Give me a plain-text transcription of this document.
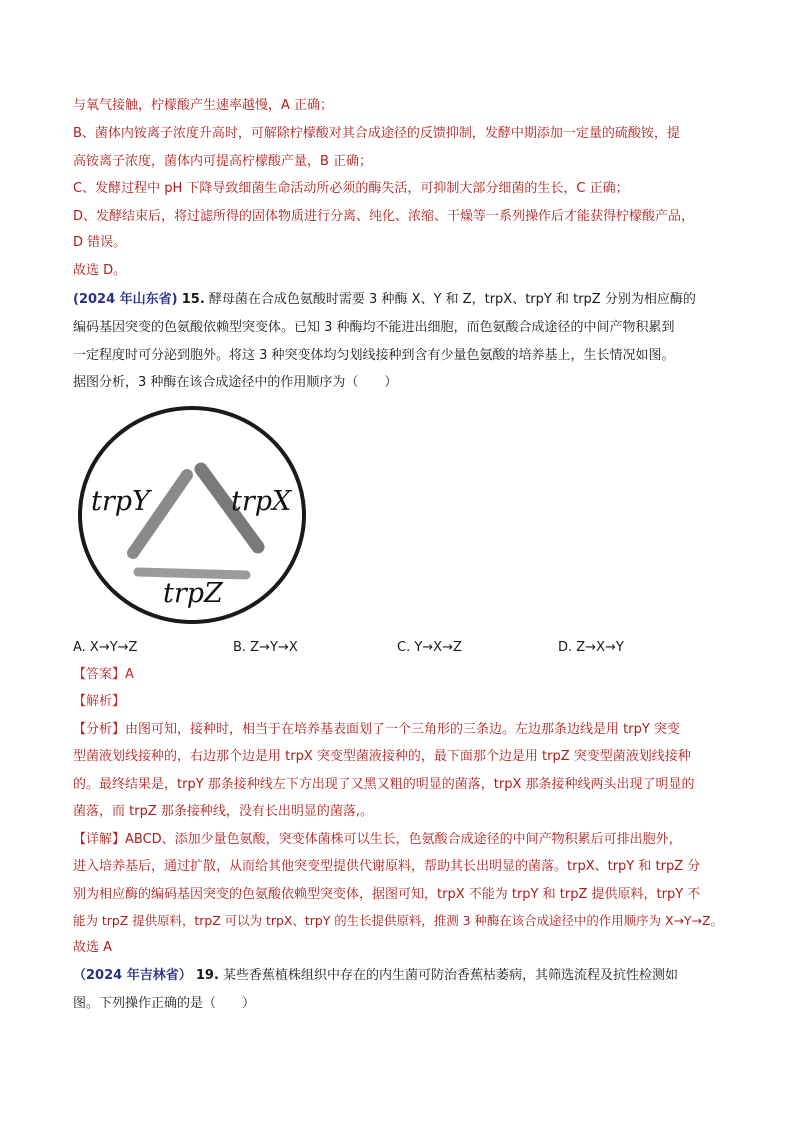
与氧气接触，柠檬酸产生速率越慢，A 正确；
B、菌体内铵离子浓度升高时，可解除柠檬酸对其合成途径的反馈抑制，发酵中期添加一定量的硫酸铵，提
高铵离子浓度，菌体内可提高柠檬酸产量，B 正确；
C、发酵过程中 pH 下降导致细菌生命活动所必须的酶失活，可抑制大部分细菌的生长，C 正确；
D、发酵结束后，将过滤所得的固体物质进行分离、纯化、浓缩、干燥等一系列操作后才能获得柠檬酸产品，
D 错误。
故选 D。
(2024 年山东省) 15. 酵母菌在合成色氨酸时需要 3 种酶 X、Y 和 Z，trpX、trpY 和 trpZ 分别为相应酶的
编码基因突变的色氨酸依赖型突变体。已知 3 种酶均不能进出细胞，而色氨酸合成途径的中间产物积累到
一定程度时可分泌到胞外。将这 3 种突变体均匀划线接种到含有少量色氨酸的培养基上，生长情况如图。
据图分析，3 种酶在该合成途径中的作用顺序为（　　）
trpY	trpX
trpZ
A. X→Y→Z	B. Z→Y→X	C. Y→X→Z	D. Z→X→Y
【答案】A
【解析】
【分析】由图可知，接种时，相当于在培养基表面划了一个三角形的三条边。左边那条边线是用 trpY 突变
型菌液划线接种的，右边那个边是用 trpX 突变型菌液接种的，最下面那个边是用 trpZ 突变型菌液划线接种
的。最终结果是，trpY 那条接种线左下方出现了又黑又粗的明显的菌落，trpX 那条接种线两头出现了明显的
菌落，而 trpZ 那条接种线，没有长出明显的菌落,。
【详解】ABCD、添加少量色氨酸，突变体菌株可以生长，色氨酸合成途径的中间产物积累后可排出胞外，
进入培养基后，通过扩散，从而给其他突变型提供代谢原料，帮助其长出明显的菌落。trpX、trpY 和 trpZ 分
别为相应酶的编码基因突变的色氨酸依赖型突变体，据图可知，trpX 不能为 trpY 和 trpZ 提供原料，trpY 不
能为 trpZ 提供原料，trpZ 可以为 trpX、trpY 的生长提供原料，推测 3 种酶在该合成途径中的作用顺序为 X→Y→Z。
故选 A
（2024 年吉林省） 19. 某些香蕉植株组织中存在的内生菌可防治香蕉枯萎病，其筛选流程及抗性检测如
图。下列操作正确的是（　　）
